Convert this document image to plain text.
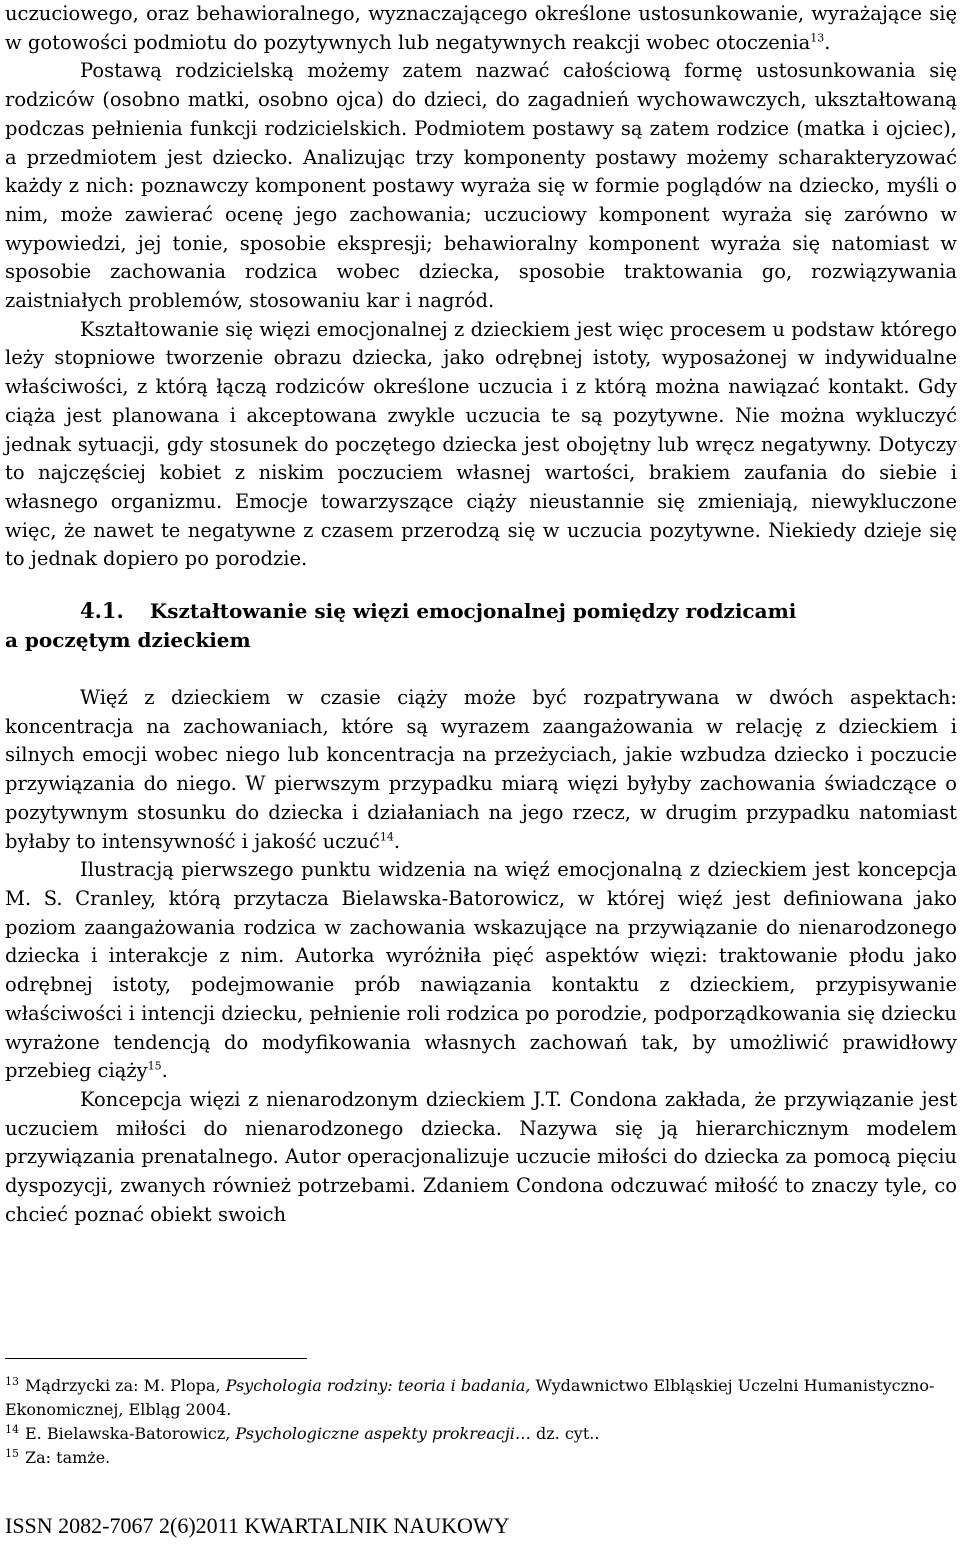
uczuciowego, oraz behawioralnego, wyznaczającego określone ustosunkowanie, wyrażające się w gotowości podmiotu do pozytywnych lub negatywnych reakcji wobec otoczenia$^{13}$.

Postawą rodzicielską możemy zatem nazwać całościową formę ustosunkowania się rodziców (osobno matki, osobno ojca) do dzieci, do zagadnień wychowawczych, ukształtowaną podczas pełnienia funkcji rodzicielskich. Podmiotem postawy są zatem rodzice (matka i ojciec), a przedmiotem jest dziecko. Analizując trzy komponenty postawy możemy scharakteryzować każdy z nich: poznawczy komponent postawy wyraża się w formie poglądów na dziecko, myśli o nim, może zawierać ocenę jego zachowania; uczuciowy komponent wyraża się zarówno w wypowiedzi, jej tonie, sposobie ekspresji; behawioralny komponent wyraża się natomiast w sposobie zachowania rodzica wobec dziecka, sposobie traktowania go, rozwiązywania zaistniałych problemów, stosowaniu kar i nagród.

Kształtowanie się więzi emocjonalnej z dzieckiem jest więc procesem u podstaw którego leży stopniowe tworzenie obrazu dziecka, jako odrębnej istoty, wyposażonej w indywidualne właściwości, z którą łączą rodziców określone uczucia i z którą można nawiązać kontakt. Gdy ciąża jest planowana i akceptowana zwykle uczucia te są pozytywne. Nie można wykluczyć jednak sytuacji, gdy stosunek do poczętego dziecka jest obojętny lub wręcz negatywny. Dotyczy to najczęściej kobiet z niskim poczuciem własnej wartości, brakiem zaufania do siebie i własnego organizmu. Emocje towarzyszące ciąży nieustannie się zmieniają, niewykluczone więc, że nawet te negatywne z czasem przerodzą się w uczucia pozytywne. Niekiedy dzieje się to jednak dopiero po porodzie.

4.1. Kształtowanie się więzi emocjonalnej pomiędzy rodzicami

a poczętym dzieckiem

Więź z dzieckiem w czasie ciąży może być rozpatrywana w dwóch aspektach: koncentracja na zachowaniach, które są wyrazem zaangażowania w relację z dzieckiem i silnych emocji wobec niego lub koncentracja na przeżyciach, jakie wzbudza dziecko i poczucie przywiązania do niego. W pierwszym przypadku miarą więzi byłyby zachowania świadczące o pozytywnym stosunku do dziecka i działaniach na jego rzecz, w drugim przypadku natomiast byłaby to intensywność i jakość uczuć$^{14}$.

Ilustracją pierwszego punktu widzenia na więź emocjonalną z dzieckiem jest koncepcja M. S. Cranley, którą przytacza Bielawska-Batorowicz, w której więź jest definiowana jako poziom zaangażowania rodzica w zachowania wskazujące na przywiązanie do nienarodzonego dziecka i interakcje z nim. Autorka wyróżniła pięć aspektów więzi: traktowanie płodu jako odrębnej istoty, podejmowanie prób nawiązania kontaktu z dzieckiem, przypisywanie właściwości i intencji dziecku, pełnienie roli rodzica po porodzie, podporządkowania się dziecku wyrażone tendencją do modyfikowania własnych zachowań tak, by umożliwić prawidłowy przebieg ciąży$^{15}$.

Koncepcja więzi z nienarodzonym dzieckiem J.T. Condona zakłada, że przywiązanie jest uczuciem miłości do nienarodzonego dziecka. Nazywa się ją hierarchicznym modelem przywiązania prenatalnego. Autor operacjonalizuje uczucie miłości do dziecka za pomocą pięciu dyspozycji, zwanych również potrzebami. Zdaniem Condona odczuwać miłość to znaczy tyle, co chcieć poznać obiekt swoich

$^{13}$ Mądrzycki za: M. Plopa, Psychologia rodziny: teoria i badania, Wydawnictwo Elbląskiej Uczelni Humanistyczno-Ekonomicznej, Elbląg 2004.

$^{14}$ E. Bielawska-Batorowicz, Psychologiczne aspekty prokreacji… dz. cyt..

$^{15}$ Za: tamże.

ISSN 2082-7067 2(6)2011 KWARTALNIK NAUKOWY
